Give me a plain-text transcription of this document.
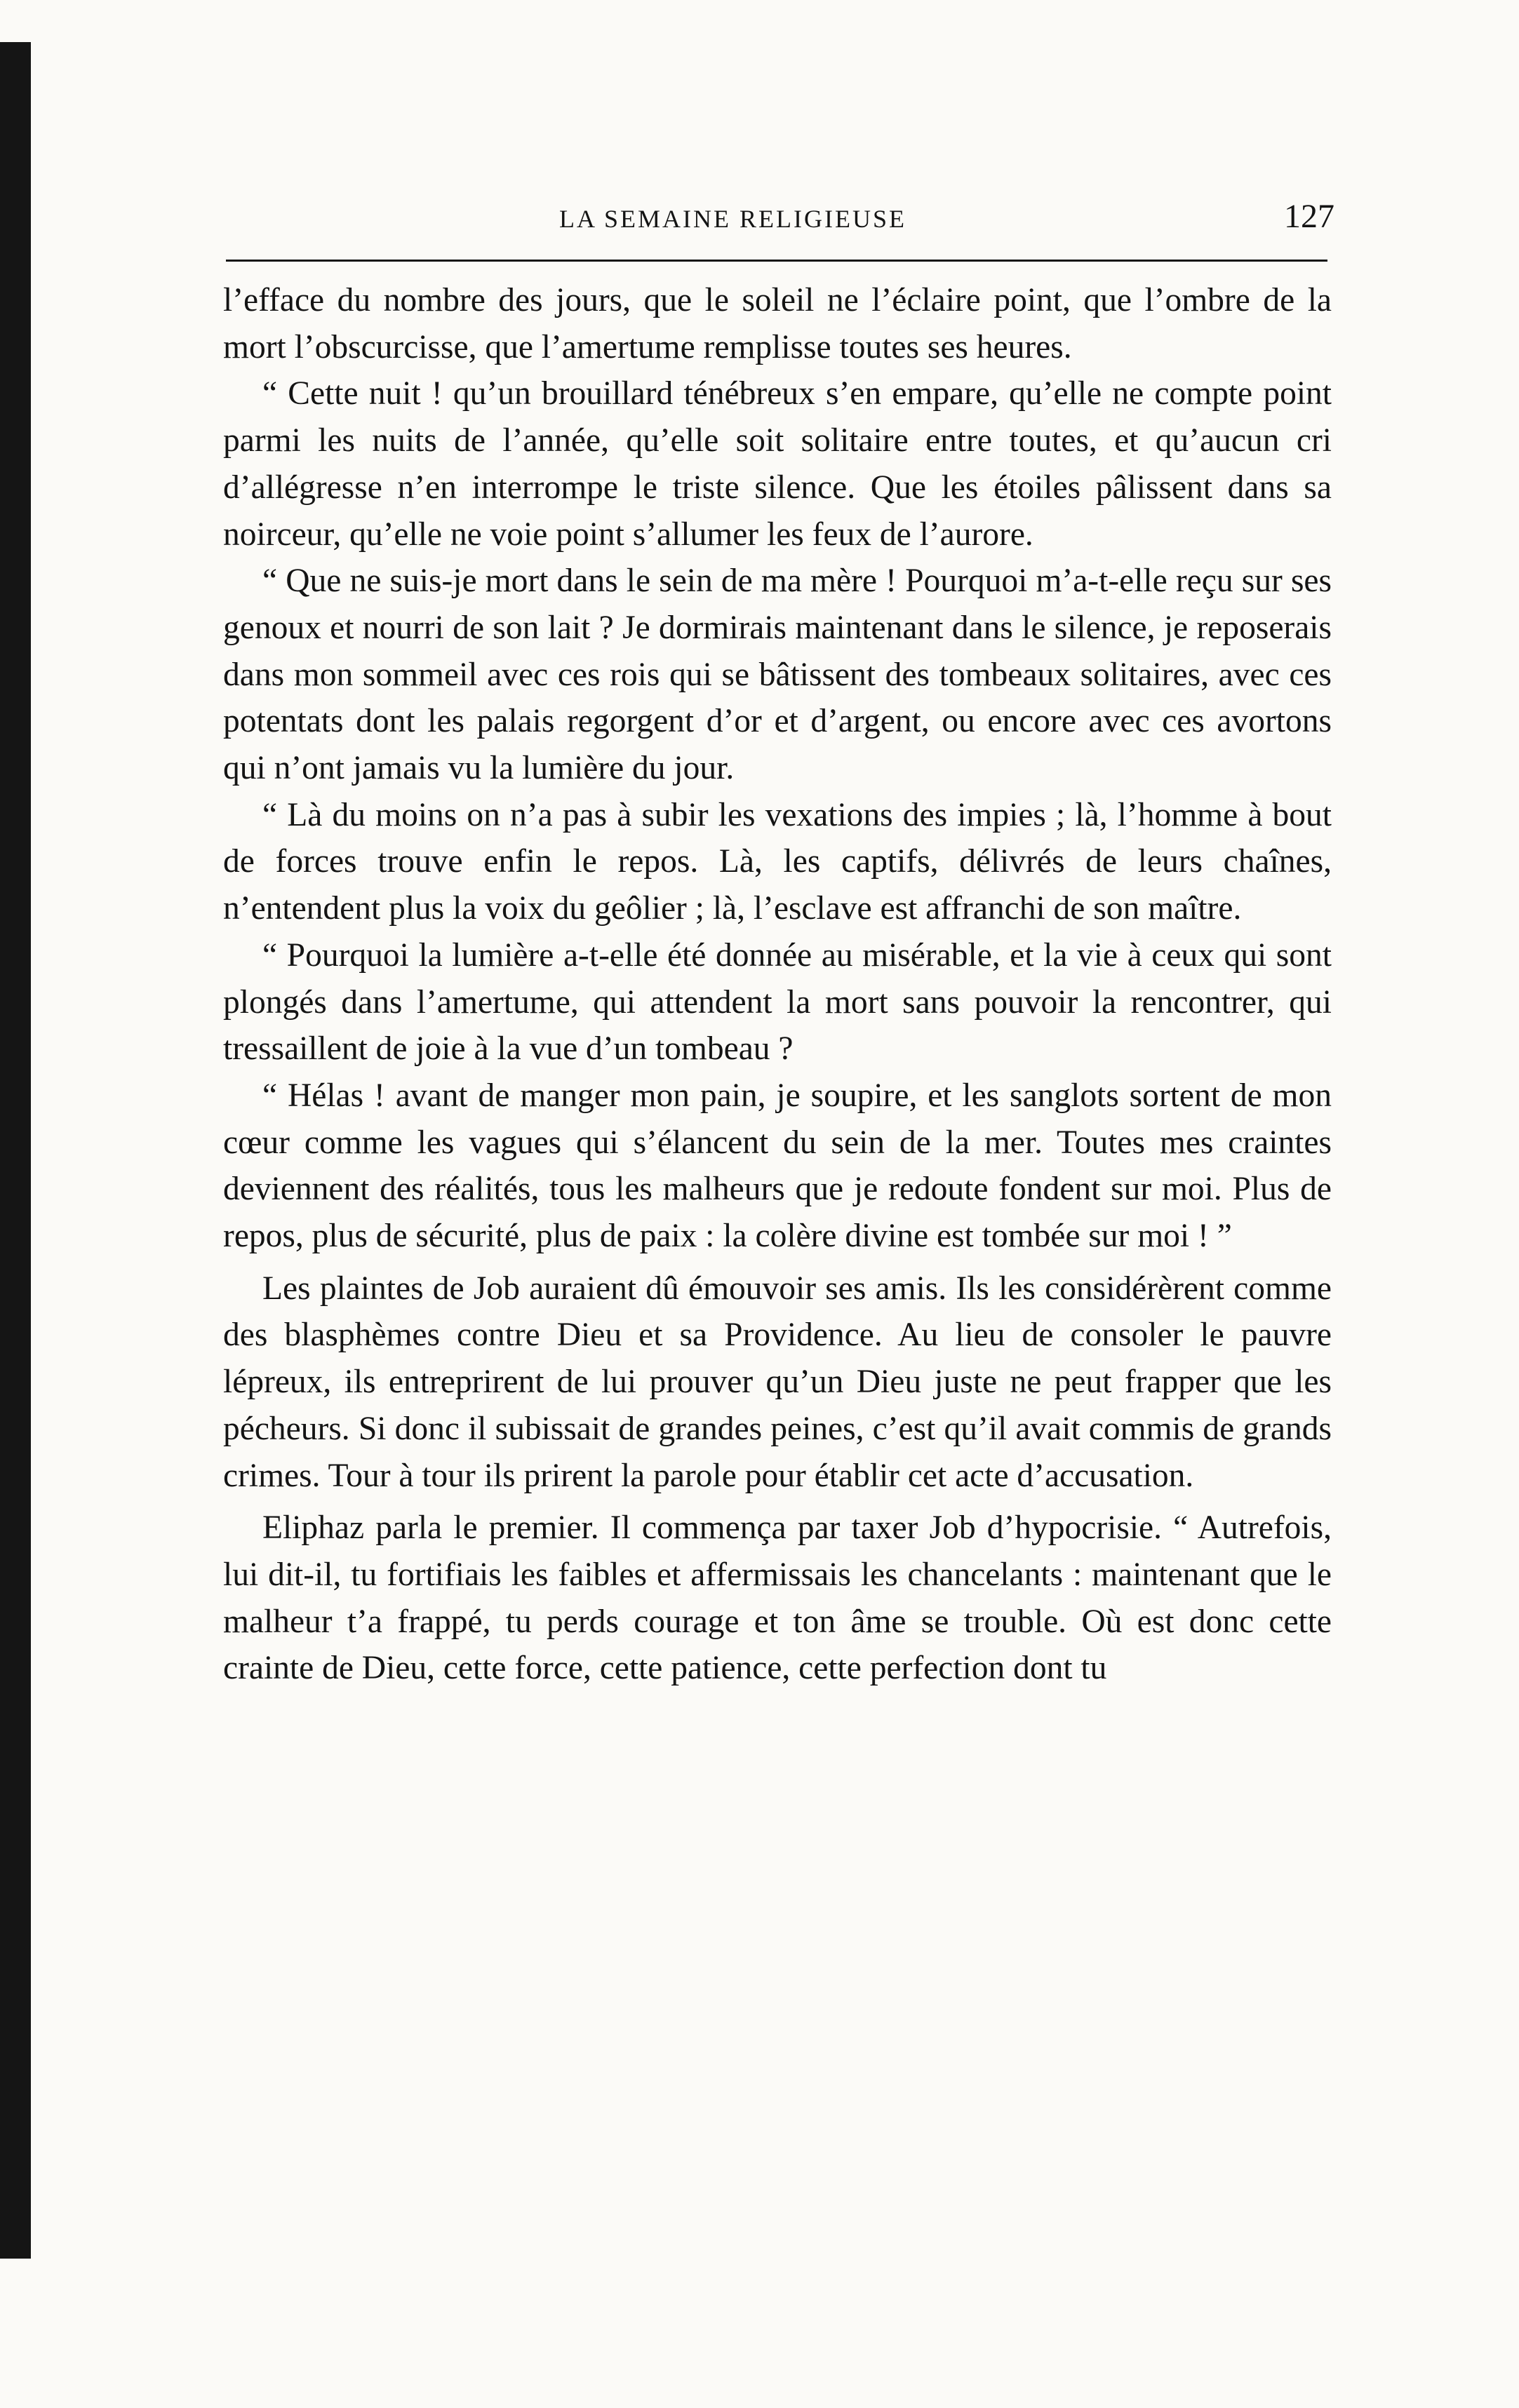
LA SEMAINE RELIGIEUSE	127

l’efface du nombre des jours, que le soleil ne l’éclaire point, que l’ombre de la mort l’obscurcisse, que l’amertume remplisse toutes ses heures.

“ Cette nuit ! qu’un brouillard ténébreux s’en empare, qu’elle ne compte point parmi les nuits de l’année, qu’elle soit solitaire entre toutes, et qu’aucun cri d’allégresse n’en interrompe le triste silence. Que les étoiles pâlissent dans sa noirceur, qu’elle ne voie point s’allumer les feux de l’aurore.

“ Que ne suis-je mort dans le sein de ma mère ! Pourquoi m’a-t-elle reçu sur ses genoux et nourri de son lait ? Je dormirais maintenant dans le silence, je reposerais dans mon sommeil avec ces rois qui se bâtissent des tombeaux solitaires, avec ces potentats dont les palais regorgent d’or et d’argent, ou encore avec ces avortons qui n’ont jamais vu la lumière du jour.

“ Là du moins on n’a pas à subir les vexations des impies ; là, l’homme à bout de forces trouve enfin le repos. Là, les captifs, délivrés de leurs chaînes, n’entendent plus la voix du geôlier ; là, l’esclave est affranchi de son maître.

“ Pourquoi la lumière a-t-elle été donnée au misérable, et la vie à ceux qui sont plongés dans l’amertume, qui attendent la mort sans pouvoir la rencontrer, qui tressaillent de joie à la vue d’un tombeau ?

“ Hélas ! avant de manger mon pain, je soupire, et les sanglots sortent de mon cœur comme les vagues qui s’élancent du sein de la mer. Toutes mes craintes deviennent des réalités, tous les malheurs que je redoute fondent sur moi. Plus de repos, plus de sécurité, plus de paix : la colère divine est tombée sur moi ! ”

Les plaintes de Job auraient dû émouvoir ses amis. Ils les considérèrent comme des blasphèmes contre Dieu et sa Providence. Au lieu de consoler le pauvre lépreux, ils entreprirent de lui prouver qu’un Dieu juste ne peut frapper que les pécheurs. Si donc il subissait de grandes peines, c’est qu’il avait commis de grands crimes. Tour à tour ils prirent la parole pour établir cet acte d’accusation.

Eliphaz parla le premier. Il commença par taxer Job d’hypocrisie. “ Autrefois, lui dit-il, tu fortifiais les faibles et affermissais les chancelants : maintenant que le malheur t’a frappé, tu perds courage et ton âme se trouble. Où est donc cette crainte de Dieu, cette force, cette patience, cette perfection dont tu
